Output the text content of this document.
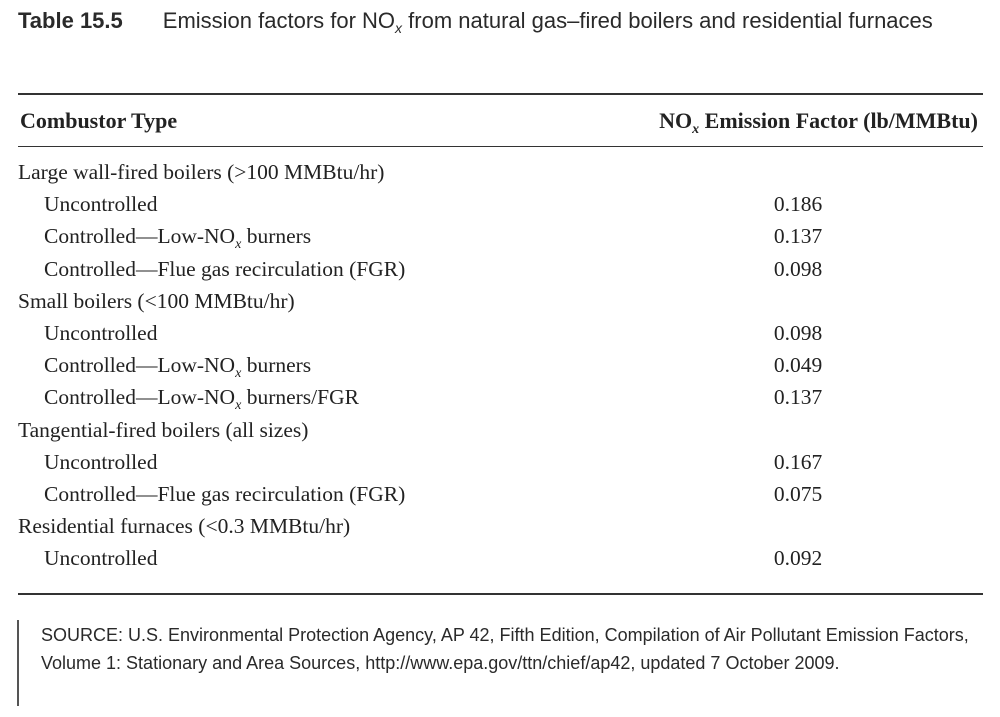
Table 15.5 Emission factors for $NO_x$ from natural gas–fired boilers and residential furnaces
Combustor Type	$NO_x$ Emission Factor (lb/MMBtu)
Large wall-fired boilers (>100 MMBtu/hr)
Uncontrolled	0.186
$Controlled—Low-NO_x$ burners	0.137
Controlled—Flue gas recirculation (FGR)	0.098
Small boilers (<100 MMBtu/hr)
Uncontrolled	0.098
$Controlled—Low-NO_x$ burners	0.049
$Controlled—Low-NO_x$ burners/FGR	0.137
Tangential-fired boilers (all sizes)
Uncontrolled	0.167
Controlled—Flue gas recirculation (FGR)	0.075
Residential furnaces (<0.3 MMBtu/hr)
Uncontrolled	0.092
SOURCE: U.S. Environmental Protection Agency, AP 42, Fifth Edition, Compilation of Air Pollutant Emission Factors, Volume 1: Stationary and Area Sources, http://www.epa.gov/ttn/chief/ap42, updated 7 October 2009.
